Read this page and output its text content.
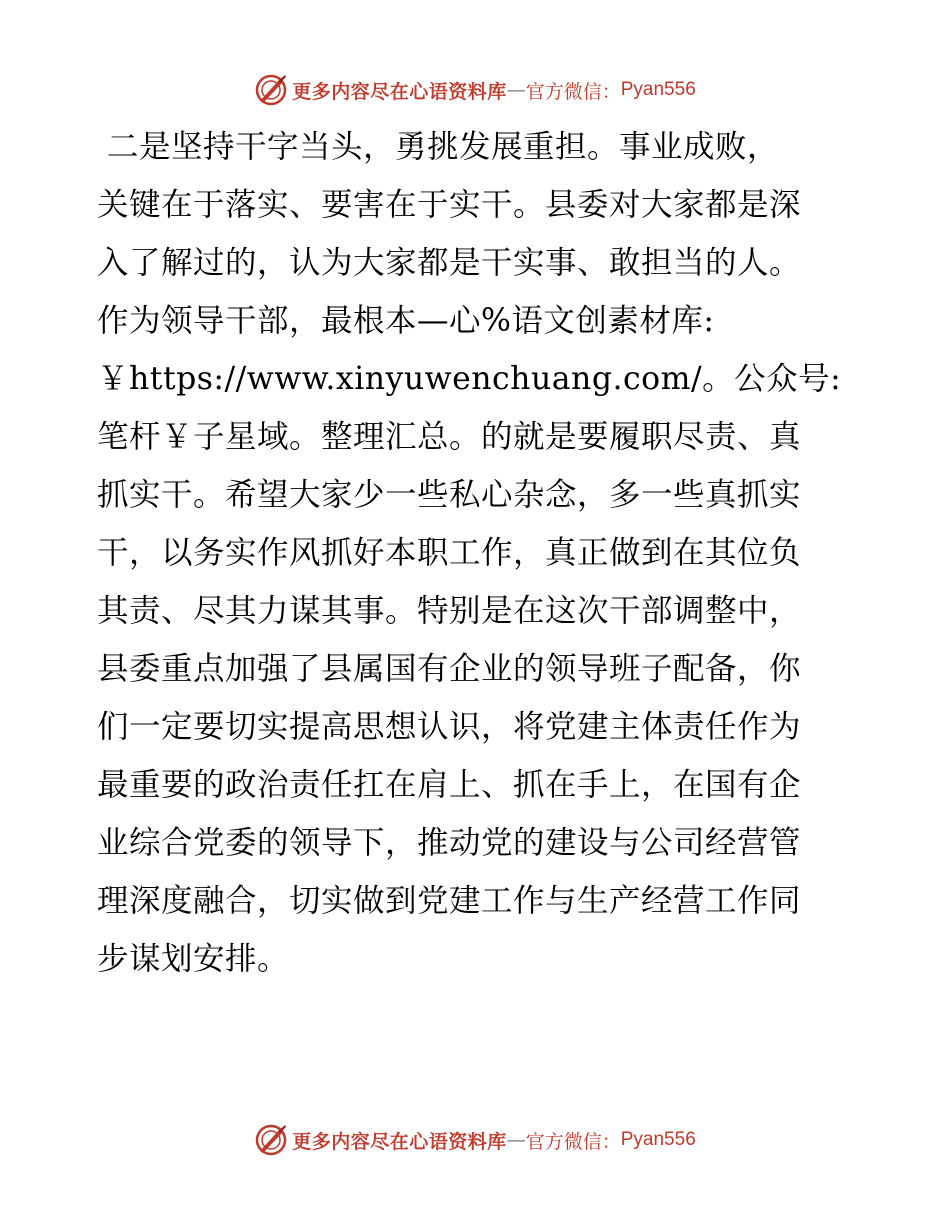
更多内容尽在心语资料库 — 官方微信： Pyan556
二是坚持干字当头，勇挑发展重担。事业成败，
关键在于落实、要害在于实干。县委对大家都是深
入了解过的，认为大家都是干实事、敢担当的人。
作为领导干部，最根本—心%语文创素材库:
￥https://www.xinyuwenchuang.com/。公众号:
笔杆￥子星域。整理汇总。的就是要履职尽责、真
抓实干。希望大家少一些私心杂念，多一些真抓实
干，以务实作风抓好本职工作，真正做到在其位负
其责、尽其力谋其事。特别是在这次干部调整中，
县委重点加强了县属国有企业的领导班子配备，你
们一定要切实提高思想认识，将党建主体责任作为
最重要的政治责任扛在肩上、抓在手上，在国有企
业综合党委的领导下，推动党的建设与公司经营管
理深度融合，切实做到党建工作与生产经营工作同
步谋划安排。
更多内容尽在心语资料库 — 官方微信： Pyan556
